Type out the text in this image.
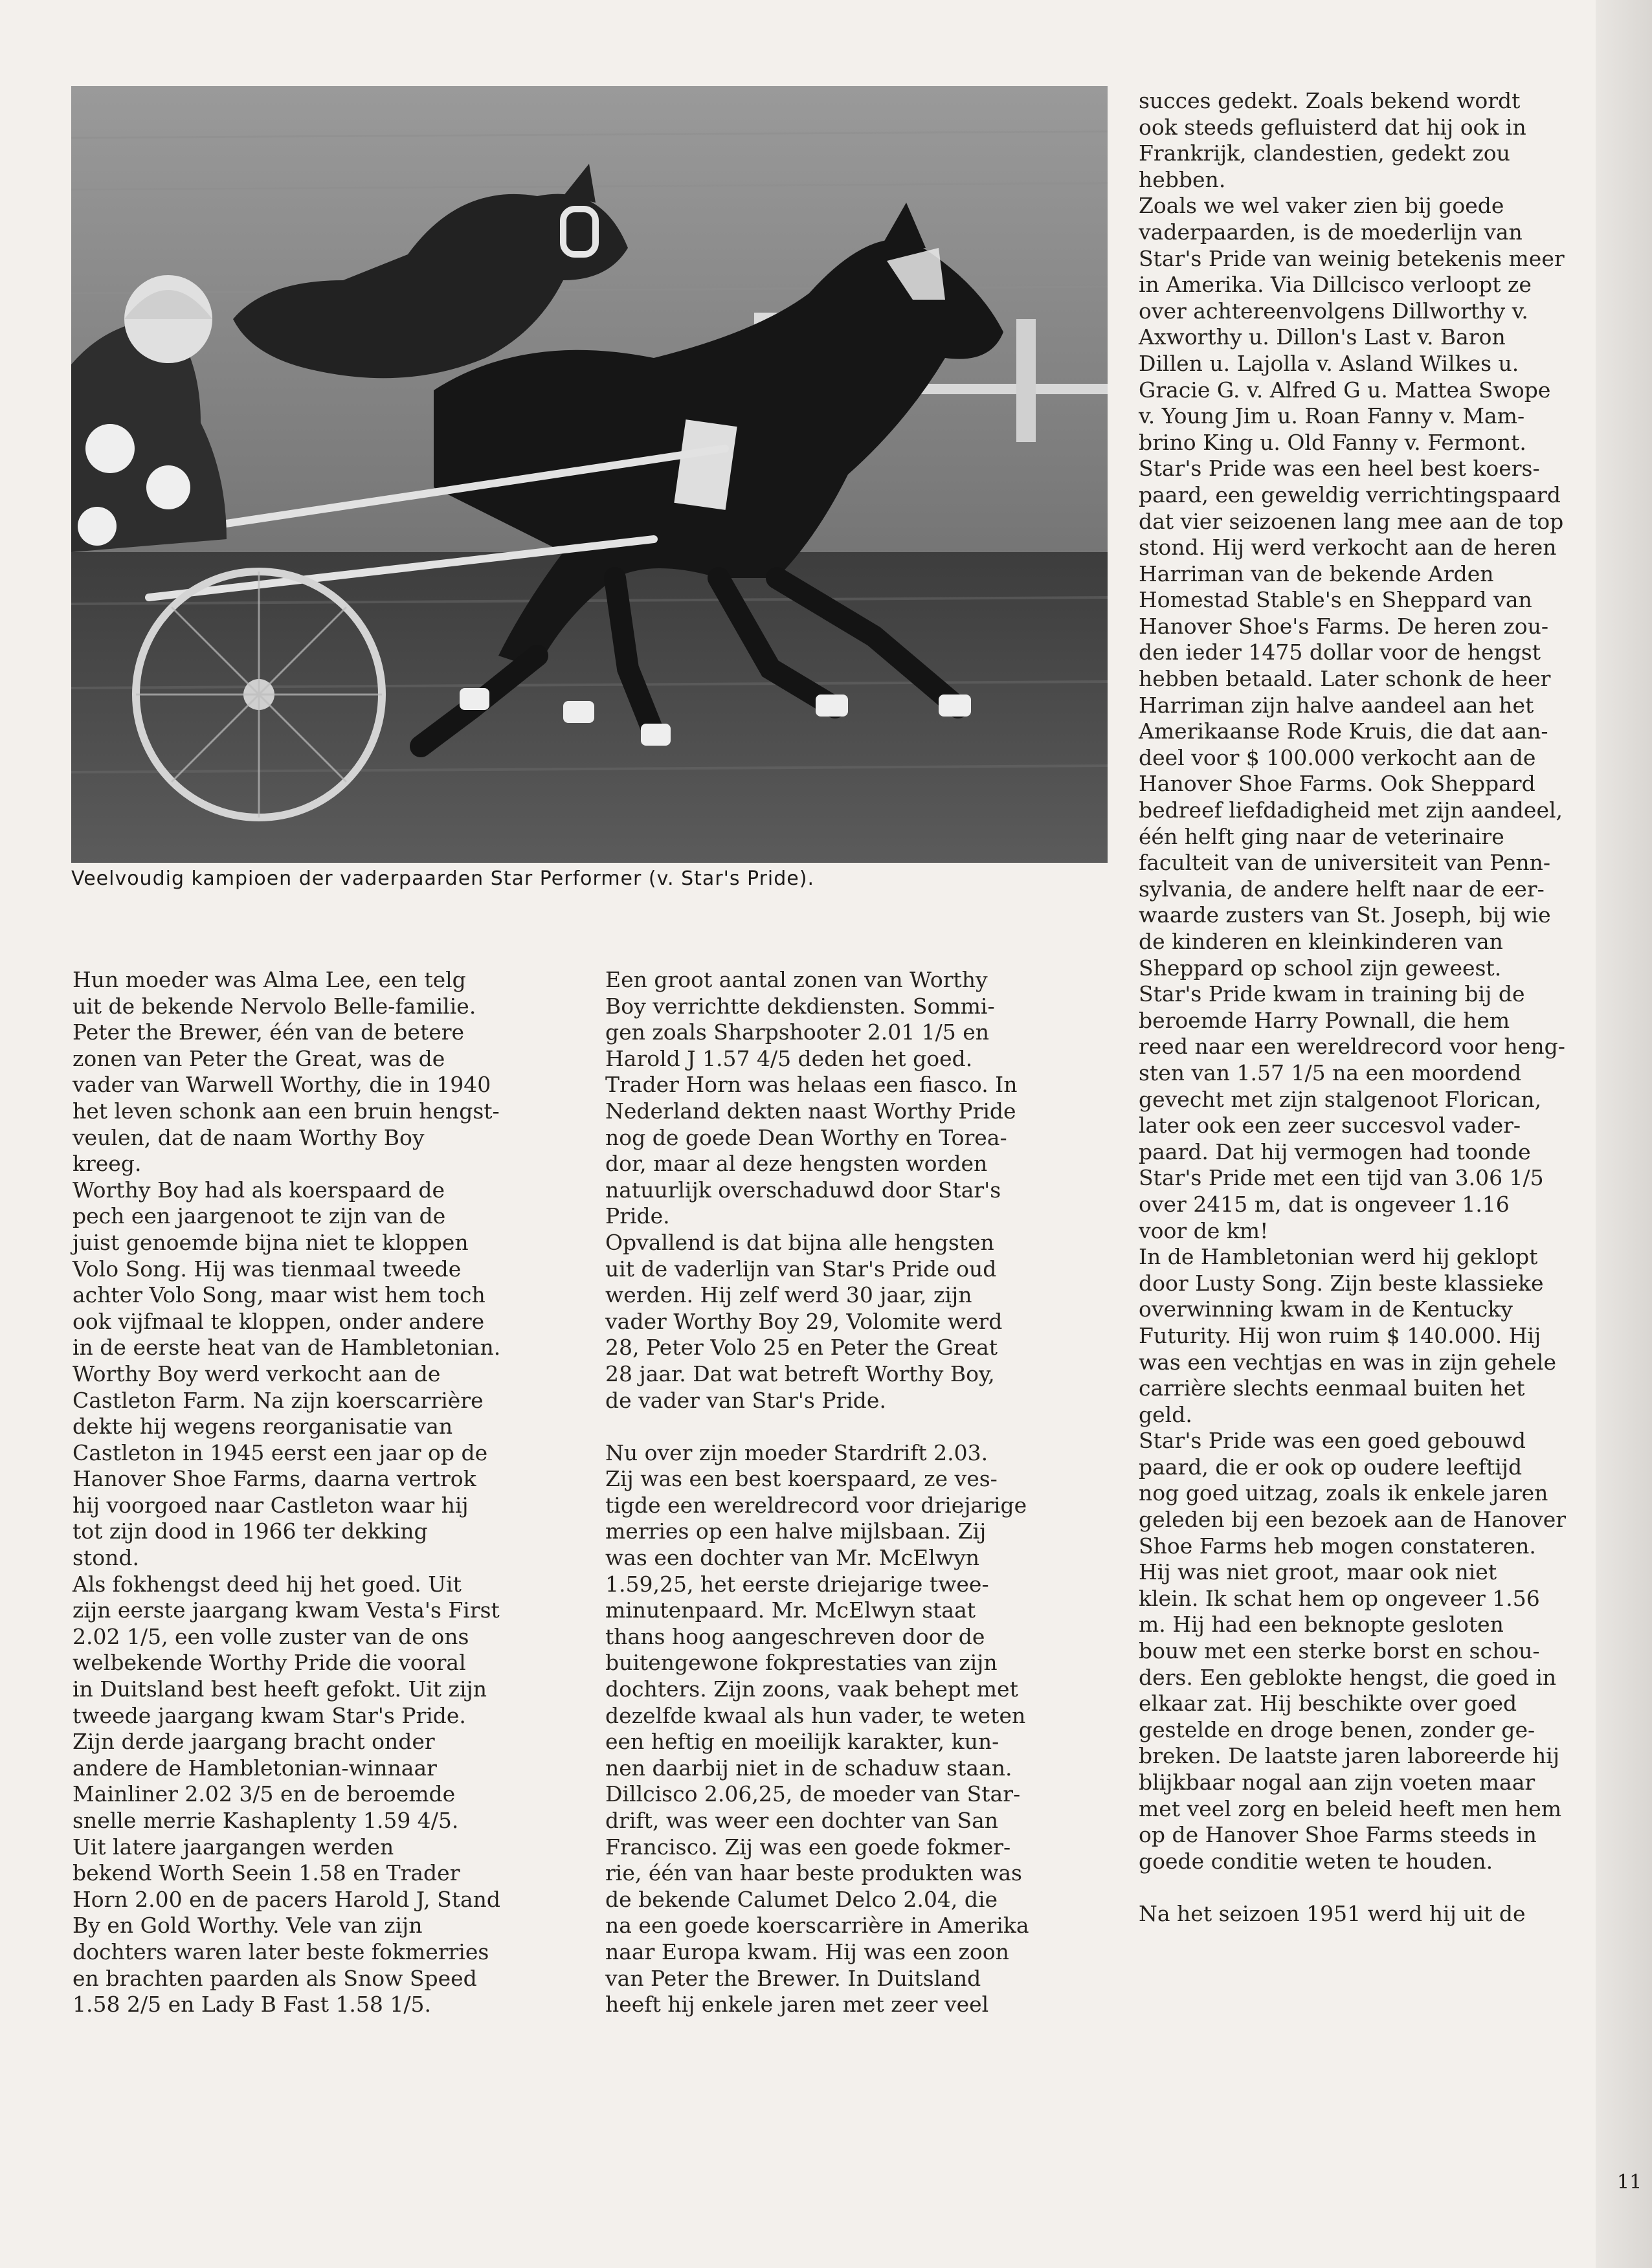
Veelvoudig kampioen der vaderpaarden Star Performer (v. Star's Pride).
Hun moeder was Alma Lee, een telg
uit de bekende Nervolo Belle-familie.
Peter the Brewer, één van de betere
zonen van Peter the Great, was de
vader van Warwell Worthy, die in 1940
het leven schonk aan een bruin hengst-
veulen, dat de naam Worthy Boy
kreeg.
Worthy Boy had als koerspaard de
pech een jaargenoot te zijn van de
juist genoemde bijna niet te kloppen
Volo Song. Hij was tienmaal tweede
achter Volo Song, maar wist hem toch
ook vijfmaal te kloppen, onder andere
in de eerste heat van de Hambletonian.
Worthy Boy werd verkocht aan de
Castleton Farm. Na zijn koerscarrière
dekte hij wegens reorganisatie van
Castleton in 1945 eerst een jaar op de
Hanover Shoe Farms, daarna vertrok
hij voorgoed naar Castleton waar hij
tot zijn dood in 1966 ter dekking
stond.
Als fokhengst deed hij het goed. Uit
zijn eerste jaargang kwam Vesta's First
2.02 1/5, een volle zuster van de ons
welbekende Worthy Pride die vooral
in Duitsland best heeft gefokt. Uit zijn
tweede jaargang kwam Star's Pride.
Zijn derde jaargang bracht onder
andere de Hambletonian-winnaar
Mainliner 2.02 3/5 en de beroemde
snelle merrie Kashaplenty 1.59 4/5.
Uit latere jaargangen werden
bekend Worth Seein 1.58 en Trader
Horn 2.00 en de pacers Harold J, Stand
By en Gold Worthy. Vele van zijn
dochters waren later beste fokmerries
en brachten paarden als Snow Speed
1.58 2/5 en Lady B Fast 1.58 1/5.
Een groot aantal zonen van Worthy
Boy verrichtte dekdiensten. Sommi-
gen zoals Sharpshooter 2.01 1/5 en
Harold J 1.57 4/5 deden het goed.
Trader Horn was helaas een fiasco. In
Nederland dekten naast Worthy Pride
nog de goede Dean Worthy en Torea-
dor, maar al deze hengsten worden
natuurlijk overschaduwd door Star's
Pride.
Opvallend is dat bijna alle hengsten
uit de vaderlijn van Star's Pride oud
werden. Hij zelf werd 30 jaar, zijn
vader Worthy Boy 29, Volomite werd
28, Peter Volo 25 en Peter the Great
28 jaar. Dat wat betreft Worthy Boy,
de vader van Star's Pride.
Nu over zijn moeder Stardrift 2.03.
Zij was een best koerspaard, ze ves-
tigde een wereldrecord voor driejarige
merries op een halve mijlsbaan. Zij
was een dochter van Mr. McElwyn
1.59,25, het eerste driejarige twee-
minutenpaard. Mr. McElwyn staat
thans hoog aangeschreven door de
buitengewone fokprestaties van zijn
dochters. Zijn zoons, vaak behept met
dezelfde kwaal als hun vader, te weten
een heftig en moeilijk karakter, kun-
nen daarbij niet in de schaduw staan.
Dillcisco 2.06,25, de moeder van Star-
drift, was weer een dochter van San
Francisco. Zij was een goede fokmer-
rie, één van haar beste produkten was
de bekende Calumet Delco 2.04, die
na een goede koerscarrière in Amerika
naar Europa kwam. Hij was een zoon
van Peter the Brewer. In Duitsland
heeft hij enkele jaren met zeer veel
succes gedekt. Zoals bekend wordt
ook steeds gefluisterd dat hij ook in
Frankrijk, clandestien, gedekt zou
hebben.
Zoals we wel vaker zien bij goede
vaderpaarden, is de moederlijn van
Star's Pride van weinig betekenis meer
in Amerika. Via Dillcisco verloopt ze
over achtereenvolgens Dillworthy v.
Axworthy u. Dillon's Last v. Baron
Dillen u. Lajolla v. Asland Wilkes u.
Gracie G. v. Alfred G u. Mattea Swope
v. Young Jim u. Roan Fanny v. Mam-
brino King u. Old Fanny v. Fermont.
Star's Pride was een heel best koers-
paard, een geweldig verrichtingspaard
dat vier seizoenen lang mee aan de top
stond. Hij werd verkocht aan de heren
Harriman van de bekende Arden
Homestad Stable's en Sheppard van
Hanover Shoe's Farms. De heren zou-
den ieder 1475 dollar voor de hengst
hebben betaald. Later schonk de heer
Harriman zijn halve aandeel aan het
Amerikaanse Rode Kruis, die dat aan-
deel voor $ 100.000 verkocht aan de
Hanover Shoe Farms. Ook Sheppard
bedreef liefdadigheid met zijn aandeel,
één helft ging naar de veterinaire
faculteit van de universiteit van Penn-
sylvania, de andere helft naar de eer-
waarde zusters van St. Joseph, bij wie
de kinderen en kleinkinderen van
Sheppard op school zijn geweest.
Star's Pride kwam in training bij de
beroemde Harry Pownall, die hem
reed naar een wereldrecord voor heng-
sten van 1.57 1/5 na een moordend
gevecht met zijn stalgenoot Florican,
later ook een zeer succesvol vader-
paard. Dat hij vermogen had toonde
Star's Pride met een tijd van 3.06 1/5
over 2415 m, dat is ongeveer 1.16
voor de km!
In de Hambletonian werd hij geklopt
door Lusty Song. Zijn beste klassieke
overwinning kwam in de Kentucky
Futurity. Hij won ruim $ 140.000. Hij
was een vechtjas en was in zijn gehele
carrière slechts eenmaal buiten het
geld.
Star's Pride was een goed gebouwd
paard, die er ook op oudere leeftijd
nog goed uitzag, zoals ik enkele jaren
geleden bij een bezoek aan de Hanover
Shoe Farms heb mogen constateren.
Hij was niet groot, maar ook niet
klein. Ik schat hem op ongeveer 1.56
m. Hij had een beknopte gesloten
bouw met een sterke borst en schou-
ders. Een geblokte hengst, die goed in
elkaar zat. Hij beschikte over goed
gestelde en droge benen, zonder ge-
breken. De laatste jaren laboreerde hij
blijkbaar nogal aan zijn voeten maar
met veel zorg en beleid heeft men hem
op de Hanover Shoe Farms steeds in
goede conditie weten te houden.
Na het seizoen 1951 werd hij uit de
11
